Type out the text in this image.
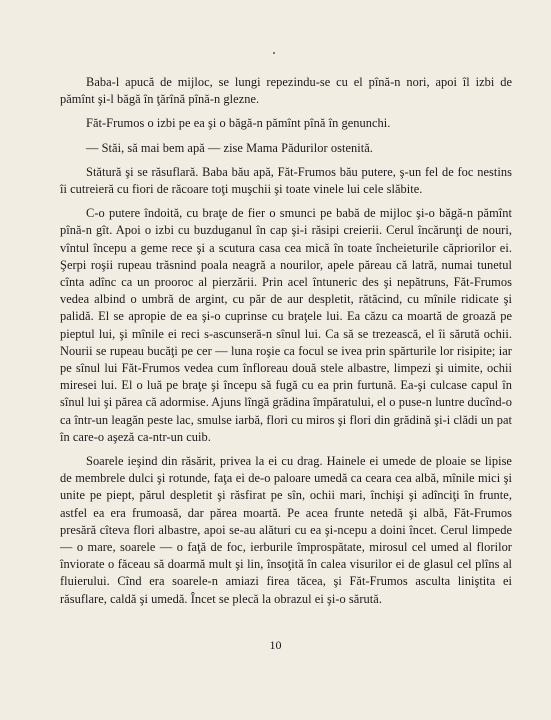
Baba-l apucă de mijloc, se lungi repezindu-se cu el pînă-n nori, apoi îl izbi de pămînt şi-l băgă în ţărînă pînă-n glezne.

Făt-Frumos o izbi pe ea şi o băgă-n pămînt pînă în genunchi.

— Stăi, să mai bem apă — zise Mama Pădurilor ostenită.

Stătură şi se răsuflară. Baba bău apă, Făt-Frumos bău putere, ş-un fel de foc nestins îi cutreieră cu fiori de răcoare toţi muşchii şi toate vinele lui cele slăbite.

C-o putere îndoită, cu braţe de fier o smunci pe babă de mijloc şi-o băgă-n pămînt pînă-n gît. Apoi o izbi cu buzduganul în cap şi-i răsipi creierii. Cerul încărunţi de nouri, vîntul începu a geme rece şi a scutura casa cea mică în toate încheieturile căpriorilor ei. Şerpi roşii rupeau trăsnind poala neagră a nourilor, apele păreau că latră, numai tunetul cînta adînc ca un prooroc al pierzării. Prin acel întuneric des şi nepătruns, Făt-Frumos vedea albind o umbră de argint, cu păr de aur despletit, rătăcind, cu mînile ridicate şi palidă. El se apropie de ea şi-o cuprinse cu braţele lui. Ea căzu ca moartă de groază pe pieptul lui, şi mînile ei reci s-ascunseră-n sînul lui. Ca să se trezească, el îi sărută ochii. Nourii se rupeau bucăţi pe cer — luna roşie ca focul se ivea prin spărturile lor risipite; iar pe sînul lui Făt-Frumos vedea cum înfloreau două stele albastre, limpezi şi uimite, ochii miresei lui. El o luă pe braţe şi începu să fugă cu ea prin furtună. Ea-şi culcase capul în sînul lui şi părea că adormise. Ajuns lîngă grădina împăratului, el o puse-n luntre ducînd-o ca într-un leagăn peste lac, smulse iarbă, flori cu miros şi flori din grădină şi-i clădi un pat în care-o aşeză ca-ntr-un cuib.

Soarele ieşind din răsărit, privea la ei cu drag. Hainele ei umede de ploaie se lipise de membrele dulci şi rotunde, faţa ei de-o paloare umedă ca ceara cea albă, mînile mici şi unite pe piept, părul despletit şi răsfirat pe sîn, ochii mari, închişi şi adînciţi în frunte, astfel ea era frumoasă, dar părea moartă. Pe acea frunte netedă şi albă, Făt-Frumos presără cîteva flori albastre, apoi se-au alături cu ea şi-ncepu a doini încet. Cerul limpede — o mare, soarele — o faţă de foc, ierburile împrospătate, mirosul cel umed al florilor înviorate o făceau să doarmă mult şi lin, însoţită în calea visurilor ei de glasul cel plîns al fluierului. Cînd era soarele-n amiazi firea tăcea, şi Făt-Frumos asculta liniştita ei răsuflare, caldă şi umedă. Încet se plecă la obrazul ei şi-o sărută.

10
